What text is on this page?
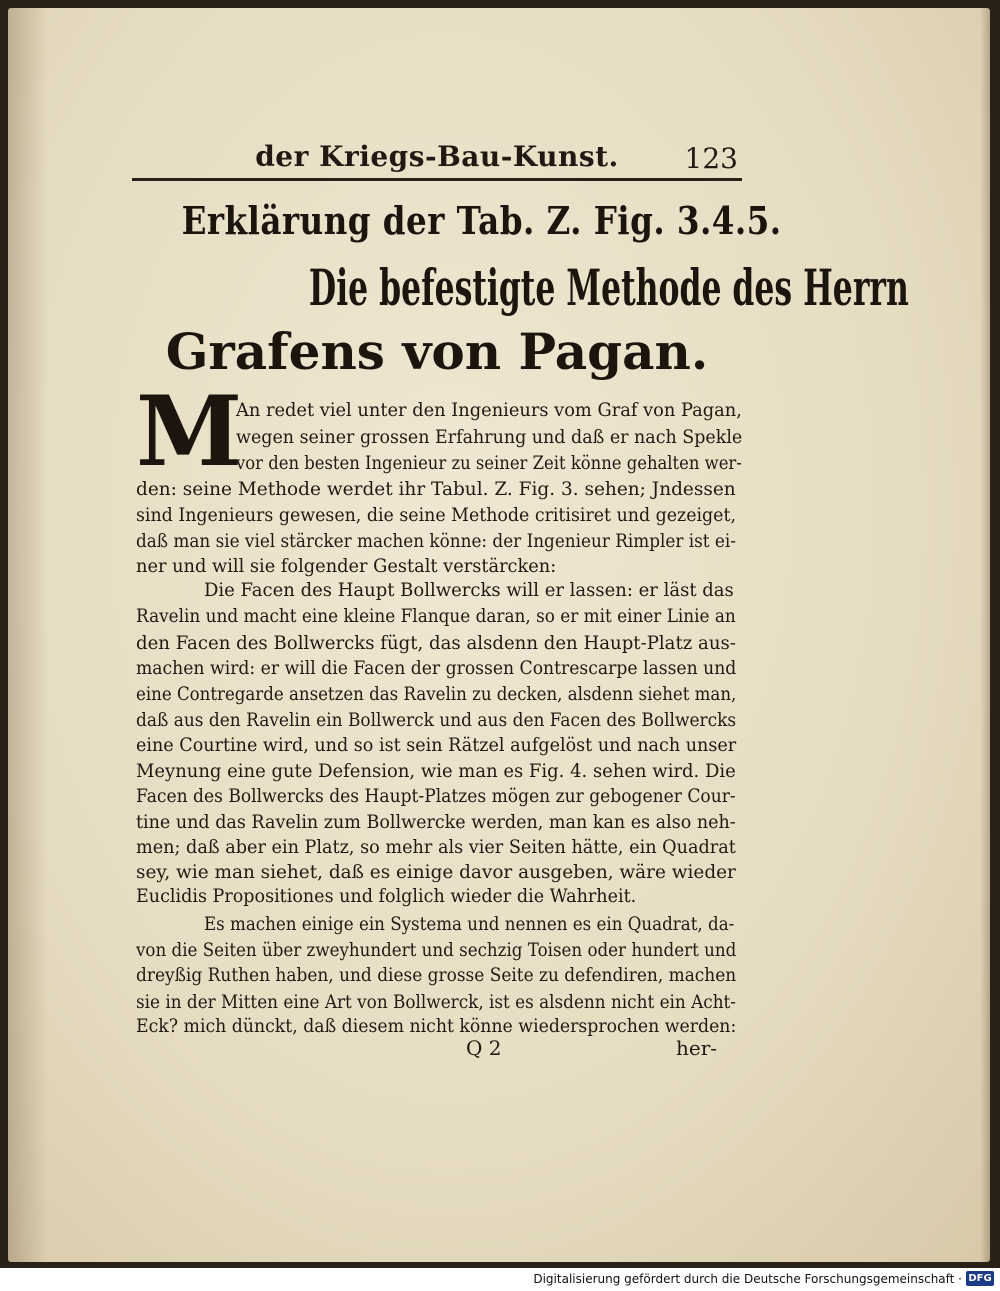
der Kriegs-Bau-Kunst.	123
Erklärung der Tab. Z. Fig. 3.4.5.
Die befestigte Methode des Herrn
Grafens von Pagan.
M
An redet viel unter den Ingenieurs vom Graf von Pagan,
wegen seiner grossen Erfahrung und daß er nach Spekle
vor den besten Ingenieur zu seiner Zeit könne gehalten wer-
den: seine Methode werdet ihr Tabul. Z. Fig. 3. sehen; Jndessen
sind Ingenieurs gewesen, die seine Methode critisiret und gezeiget,
daß man sie viel stärcker machen könne: der Ingenieur Rimpler ist ei-
ner und will sie folgender Gestalt verstärcken:
Die Facen des Haupt Bollwercks will er lassen: er läst das
Ravelin und macht eine kleine Flanque daran, so er mit einer Linie an
den Facen des Bollwercks fügt, das alsdenn den Haupt-Platz aus-
machen wird: er will die Facen der grossen Contrescarpe lassen und
eine Contregarde ansetzen das Ravelin zu decken, alsdenn siehet man,
daß aus den Ravelin ein Bollwerck und aus den Facen des Bollwercks
eine Courtine wird, und so ist sein Rätzel aufgelöst und nach unser
Meynung eine gute Defension, wie man es Fig. 4. sehen wird. Die
Facen des Bollwercks des Haupt-Platzes mögen zur gebogener Cour-
tine und das Ravelin zum Bollwercke werden, man kan es also neh-
men; daß aber ein Platz, so mehr als vier Seiten hätte, ein Quadrat
sey, wie man siehet, daß es einige davor ausgeben, wäre wieder
Euclidis Propositiones und folglich wieder die Wahrheit.
Es machen einige ein Systema und nennen es ein Quadrat, da-
von die Seiten über zweyhundert und sechzig Toisen oder hundert und
dreyßig Ruthen haben, und diese grosse Seite zu defendiren, machen
sie in der Mitten eine Art von Bollwerck, ist es alsdenn nicht ein Acht-
Eck? mich dünckt, daß diesem nicht könne wiedersprochen werden:
Q 2	her-
Digitalisierung gefördert durch die Deutsche Forschungsgemeinschaft · DFG
